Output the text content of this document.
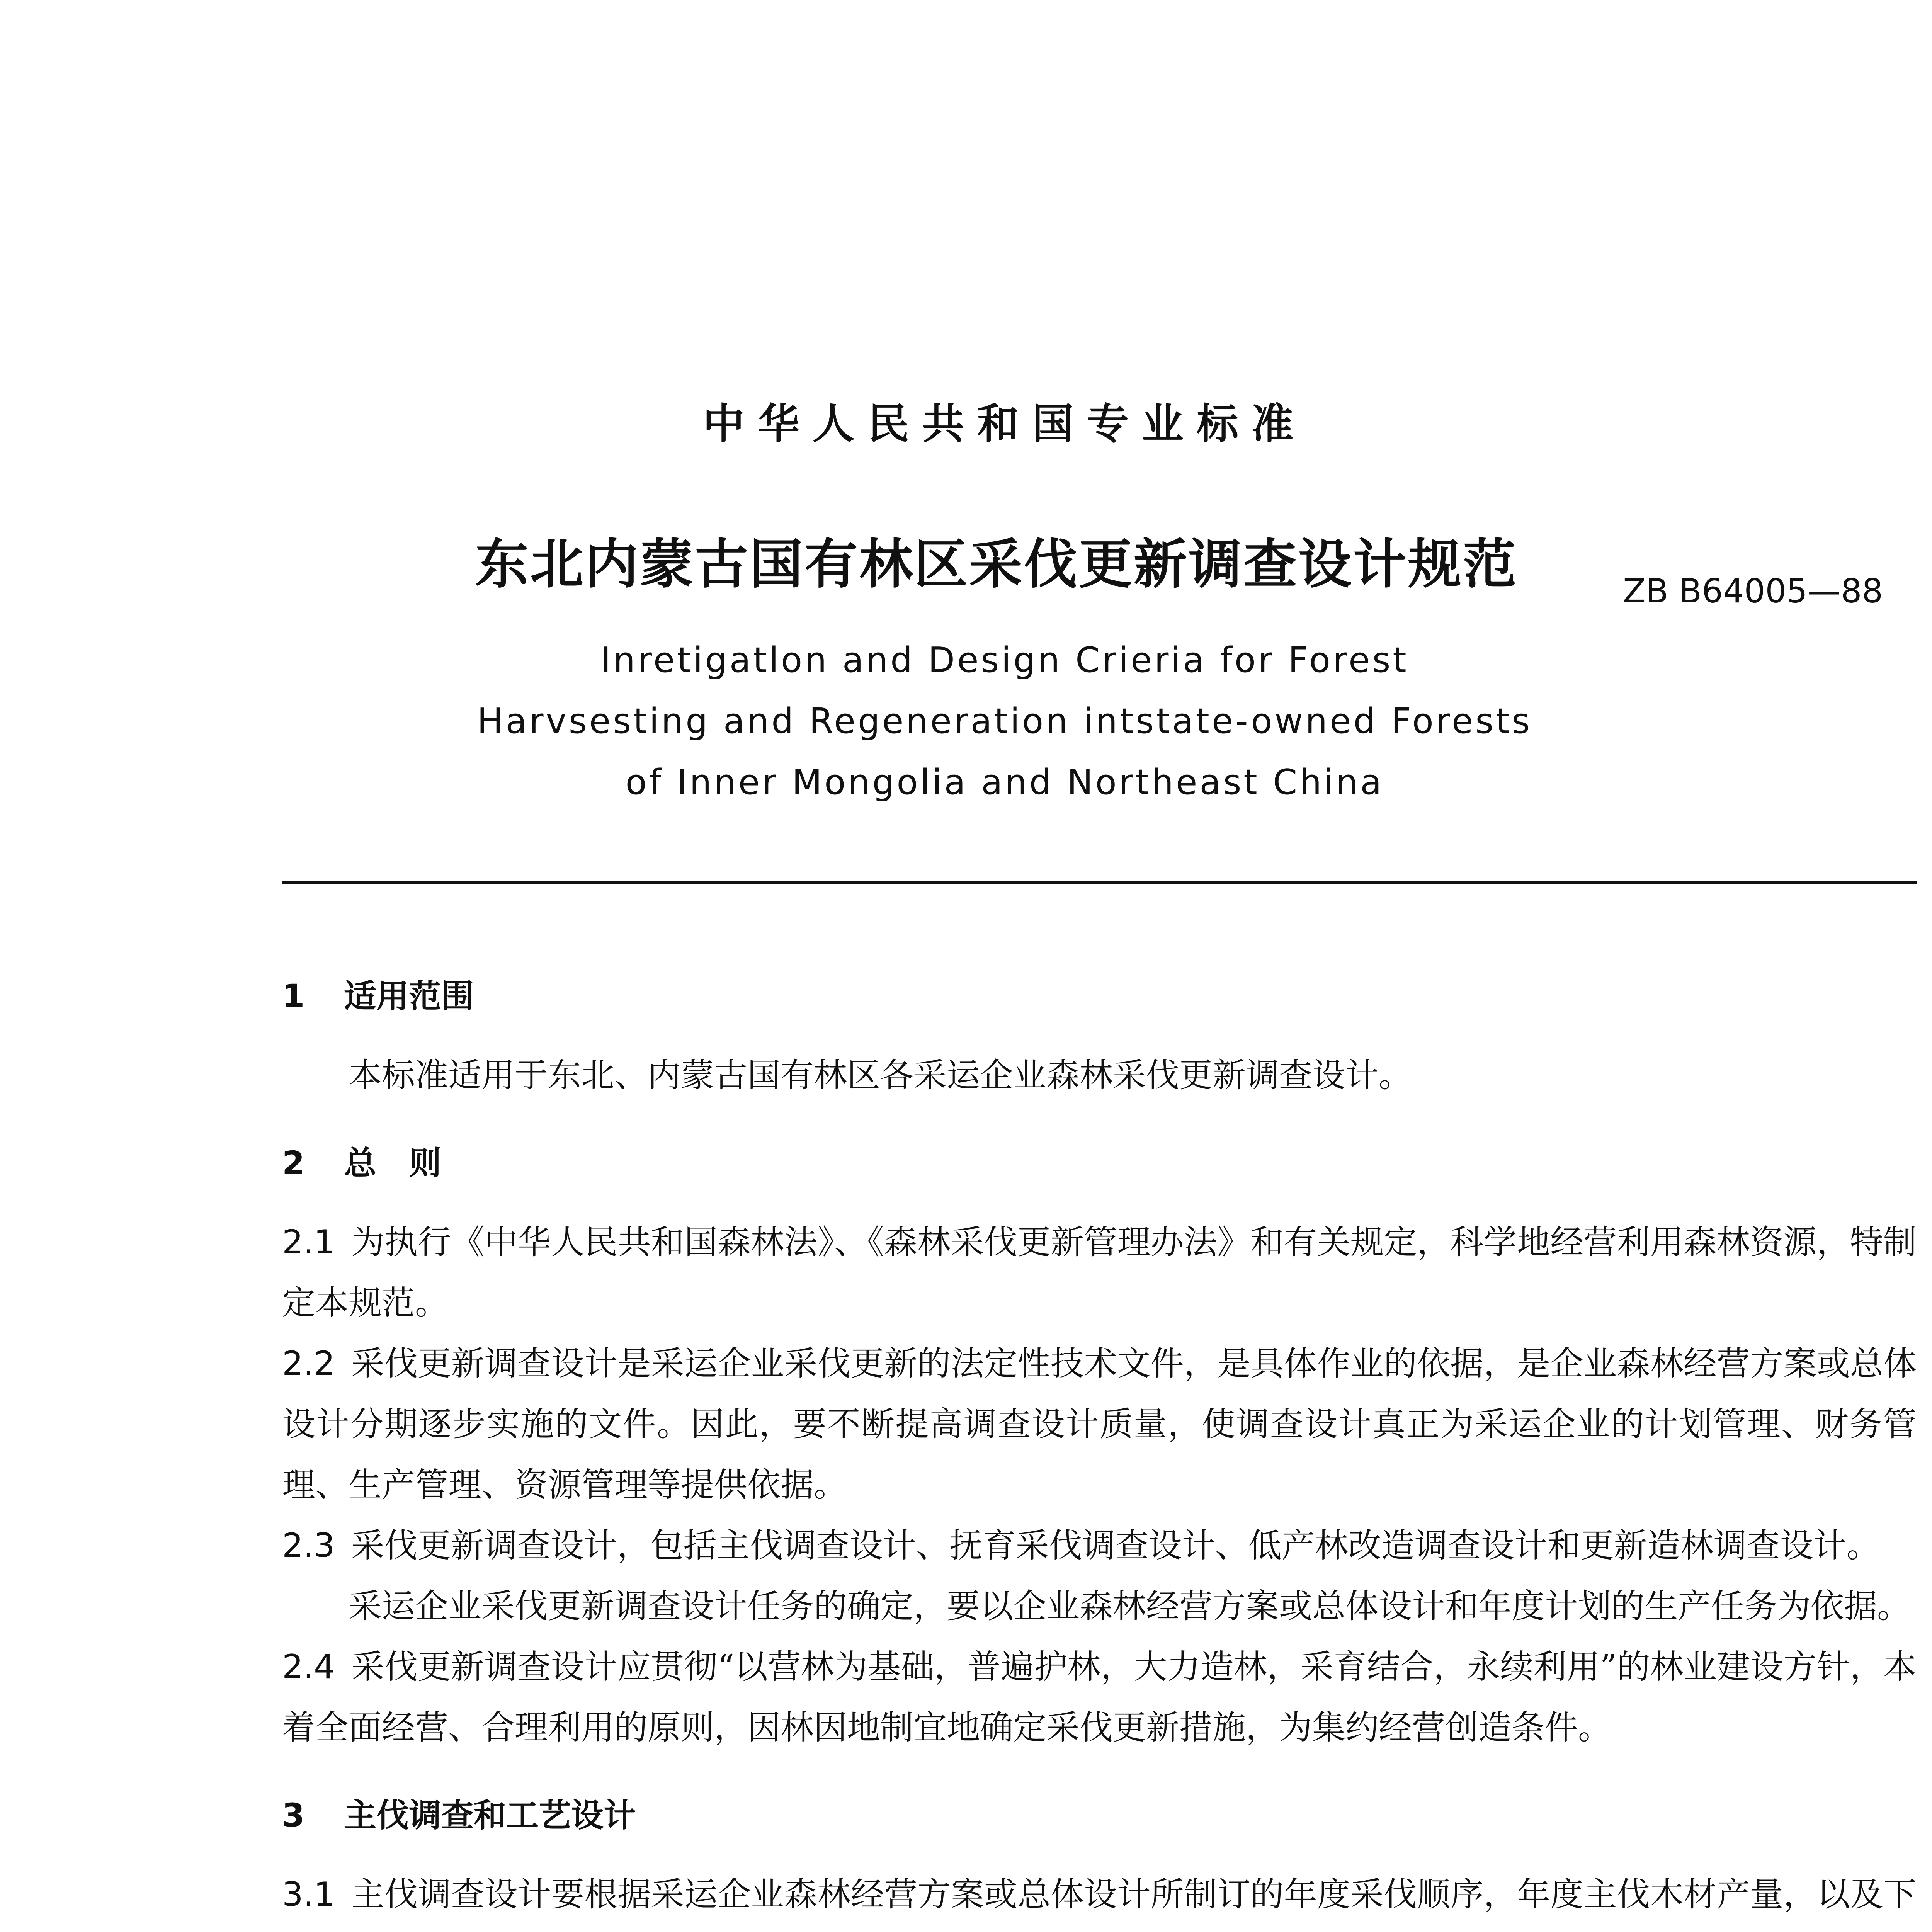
中华人民共和国专业标准
东北内蒙古国有林区采伐更新调查设计规范	ZB B64005—88
Inretigatlon and Design Crieria for Forest
Harvsesting and Regeneration intstate-owned Forests
of Inner Mongolia and Northeast China
1 适用范围

本标准适用于东北、内蒙古国有林区各采运企业森林采伐更新调查设计。

2 总　则

2.1 为执行《中华人民共和国森林法》、《森林采伐更新管理办法》和有关规定，科学地经营利用森林资源，特制定本规范。

2.2 采伐更新调查设计是采运企业采伐更新的法定性技术文件，是具体作业的依据，是企业森林经营方案或总体设计分期逐步实施的文件。因此，要不断提高调查设计质量，使调查设计真正为采运企业的计划管理、财务管理、生产管理、资源管理等提供依据。

2.3 采伐更新调查设计，包括主伐调查设计、抚育采伐调查设计、低产林改造调查设计和更新造林调查设计。

采运企业采伐更新调查设计任务的确定，要以企业森林经营方案或总体设计和年度计划的生产任务为依据。

2.4 采伐更新调查设计应贯彻“以营林为基础，普遍护林，大力造林，采育结合，永续利用”的林业建设方针，本着全面经营、合理利用的原则，因林因地制宜地确定采伐更新措施，为集约经营创造条件。

3 主伐调查和工艺设计

3.1 主伐调查设计要根据采运企业森林经营方案或总体设计所制订的年度采伐顺序，年度主伐木材产量，以及下
